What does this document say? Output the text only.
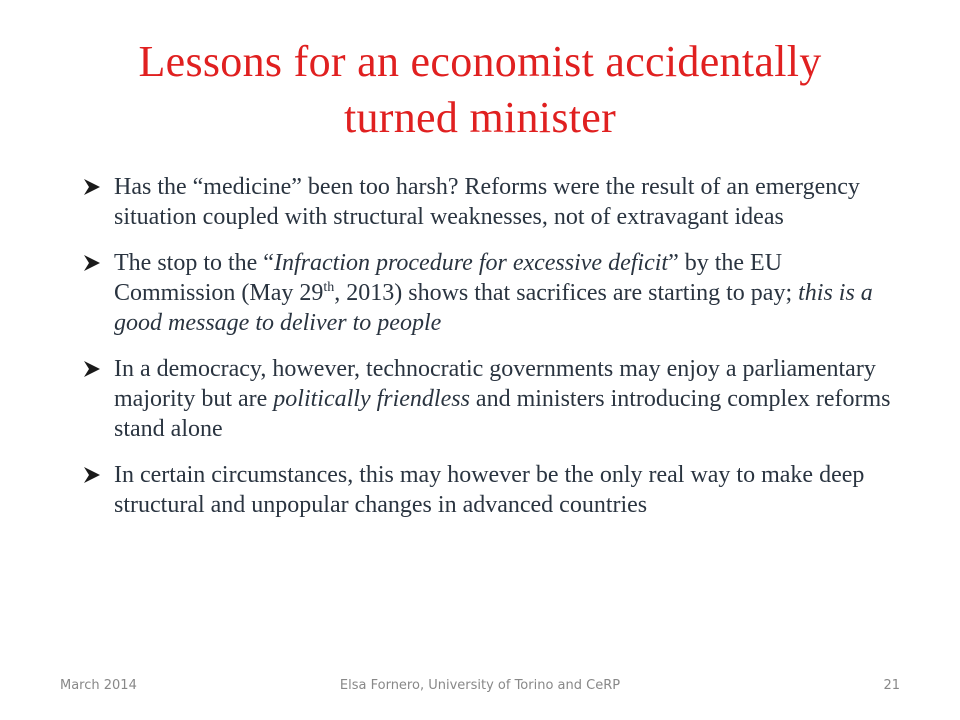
Lessons for an economist accidentally
turned minister
Has the “medicine” been too harsh? Reforms were the result of an emergency situation coupled with structural weaknesses, not of extravagant ideas
The stop to the “Infraction procedure for excessive deficit” by the EU Commission (May 29th, 2013) shows that sacrifices are starting to pay; this is a good message to deliver to people
In a democracy, however, technocratic governments may enjoy a parliamentary majority but are politically friendless and ministers introducing complex reforms stand alone
In certain circumstances, this may however be the only real way to make deep structural and unpopular changes in advanced countries
Elsa Fornero, University of Torino and CeRP
March 2014	21
